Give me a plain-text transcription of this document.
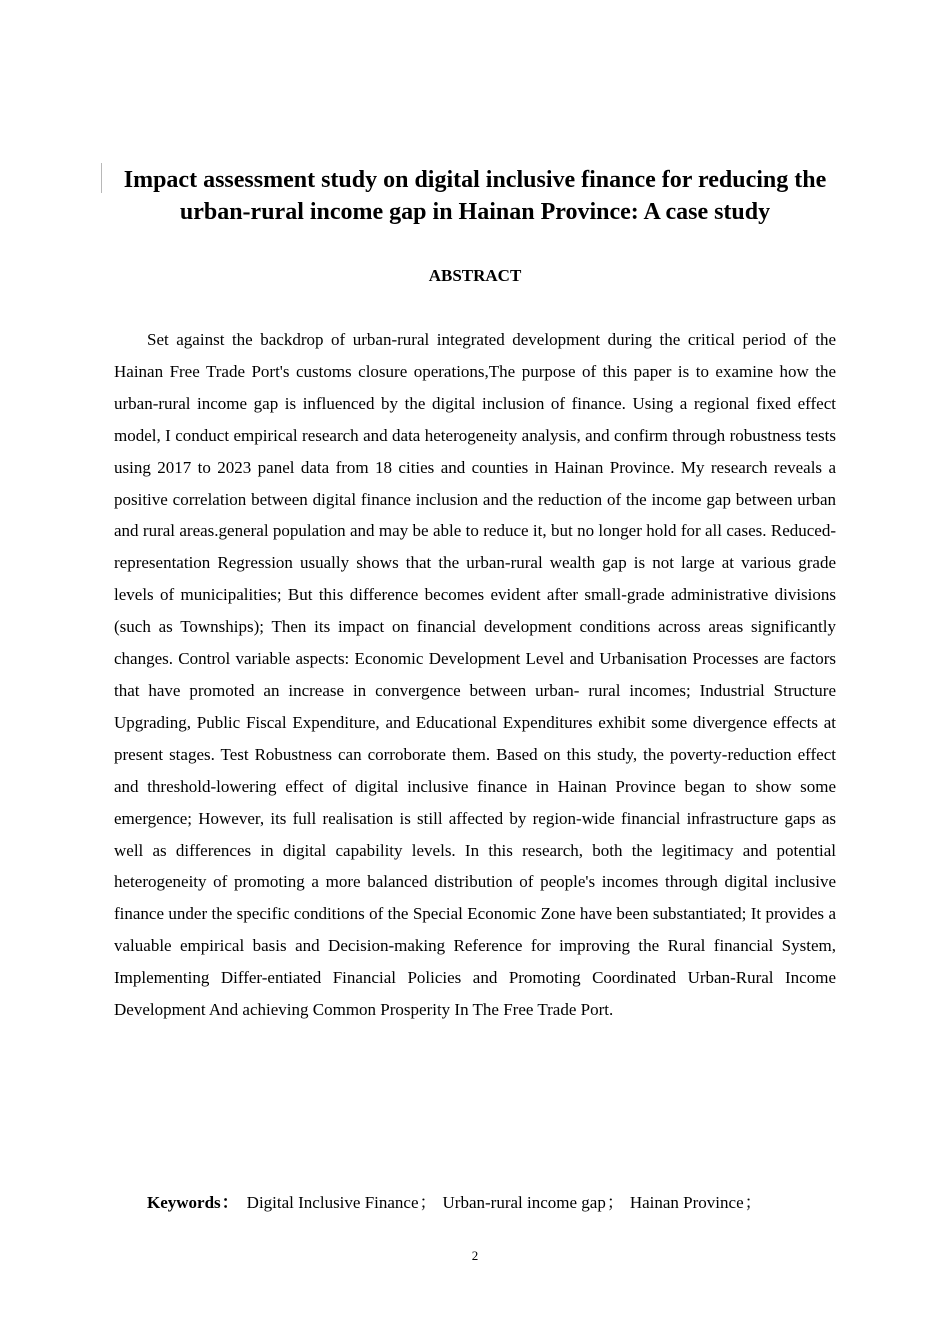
Impact assessment study on digital inclusive finance for reducing the urban-rural income gap in Hainan Province: A case study
ABSTRACT

Set against the backdrop of urban-rural integrated development during the critical period of the Hainan Free Trade Port's customs closure operations,The purpose of this paper is to examine how the urban-rural income gap is influenced by the digital inclusion of finance. Using a regional fixed effect model, I conduct empirical research and data heterogeneity analysis, and confirm through robustness tests using 2017 to 2023 panel data from 18 cities and counties in Hainan Province. My research reveals a positive correlation between digital finance inclusion and the reduction of the income gap between urban and rural areas.general population and may be able to reduce it, but no longer hold for all cases. Reduced-representation Regression usually shows that the urban-rural wealth gap is not large at various grade levels of municipalities; But this difference becomes evident after small-grade administrative divisions (such as Townships); Then its impact on financial development conditions across areas significantly changes. Control variable aspects: Economic Development Level and Urbanisation Processes are factors that have promoted an increase in convergence between urban- rural incomes; Industrial Structure Upgrading, Public Fiscal Expenditure, and Educational Expenditures exhibit some divergence effects at present stages. Test Robustness can corroborate them. Based on this study, the poverty-reduction effect and threshold-lowering effect of digital inclusive finance in Hainan Province began to show some emergence; However, its full realisation is still affected by region-wide financial infrastructure gaps as well as differences in digital capability levels. In this research, both the legitimacy and potential heterogeneity of promoting a more balanced distribution of people's incomes through digital inclusive finance under the specific conditions of the Special Economic Zone have been substantiated; It provides a valuable empirical basis and Decision-making Reference for improving the Rural financial System, Implementing Differ-entiated Financial Policies and Promoting Coordinated Urban-Rural Income Development And achieving Common Prosperity In The Free Trade Port.

Keywords： Digital Inclusive Finance； Urban-rural income gap； Hainan Province；

2
